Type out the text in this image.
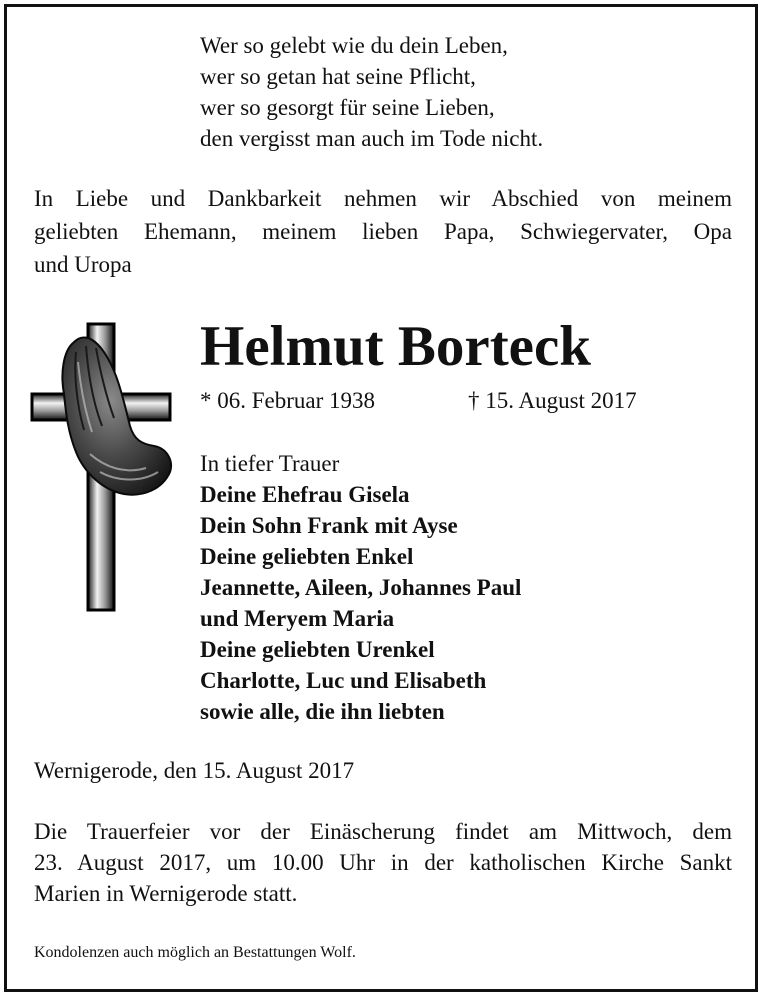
Wer so gelebt wie du dein Leben,
wer so getan hat seine Pflicht,
wer so gesorgt für seine Lieben,
den vergisst man auch im Tode nicht.
In Liebe und Dankbarkeit nehmen wir Abschied von meinem
geliebten Ehemann, meinem lieben Papa, Schwiegervater, Opa
und Uropa
Helmut Borteck
* 06. Februar 1938	† 15. August 2017
In tiefer Trauer
Deine Ehefrau Gisela
Dein Sohn Frank mit Ayse
Deine geliebten Enkel
Jeannette, Aileen, Johannes Paul
und Meryem Maria
Deine geliebten Urenkel
Charlotte, Luc und Elisabeth
sowie alle, die ihn liebten
Wernigerode, den 15. August 2017
Die Trauerfeier vor der Einäscherung findet am Mittwoch, dem
23. August 2017, um 10.00 Uhr in der katholischen Kirche Sankt
Marien in Wernigerode statt.
Kondolenzen auch möglich an Bestattungen Wolf.
